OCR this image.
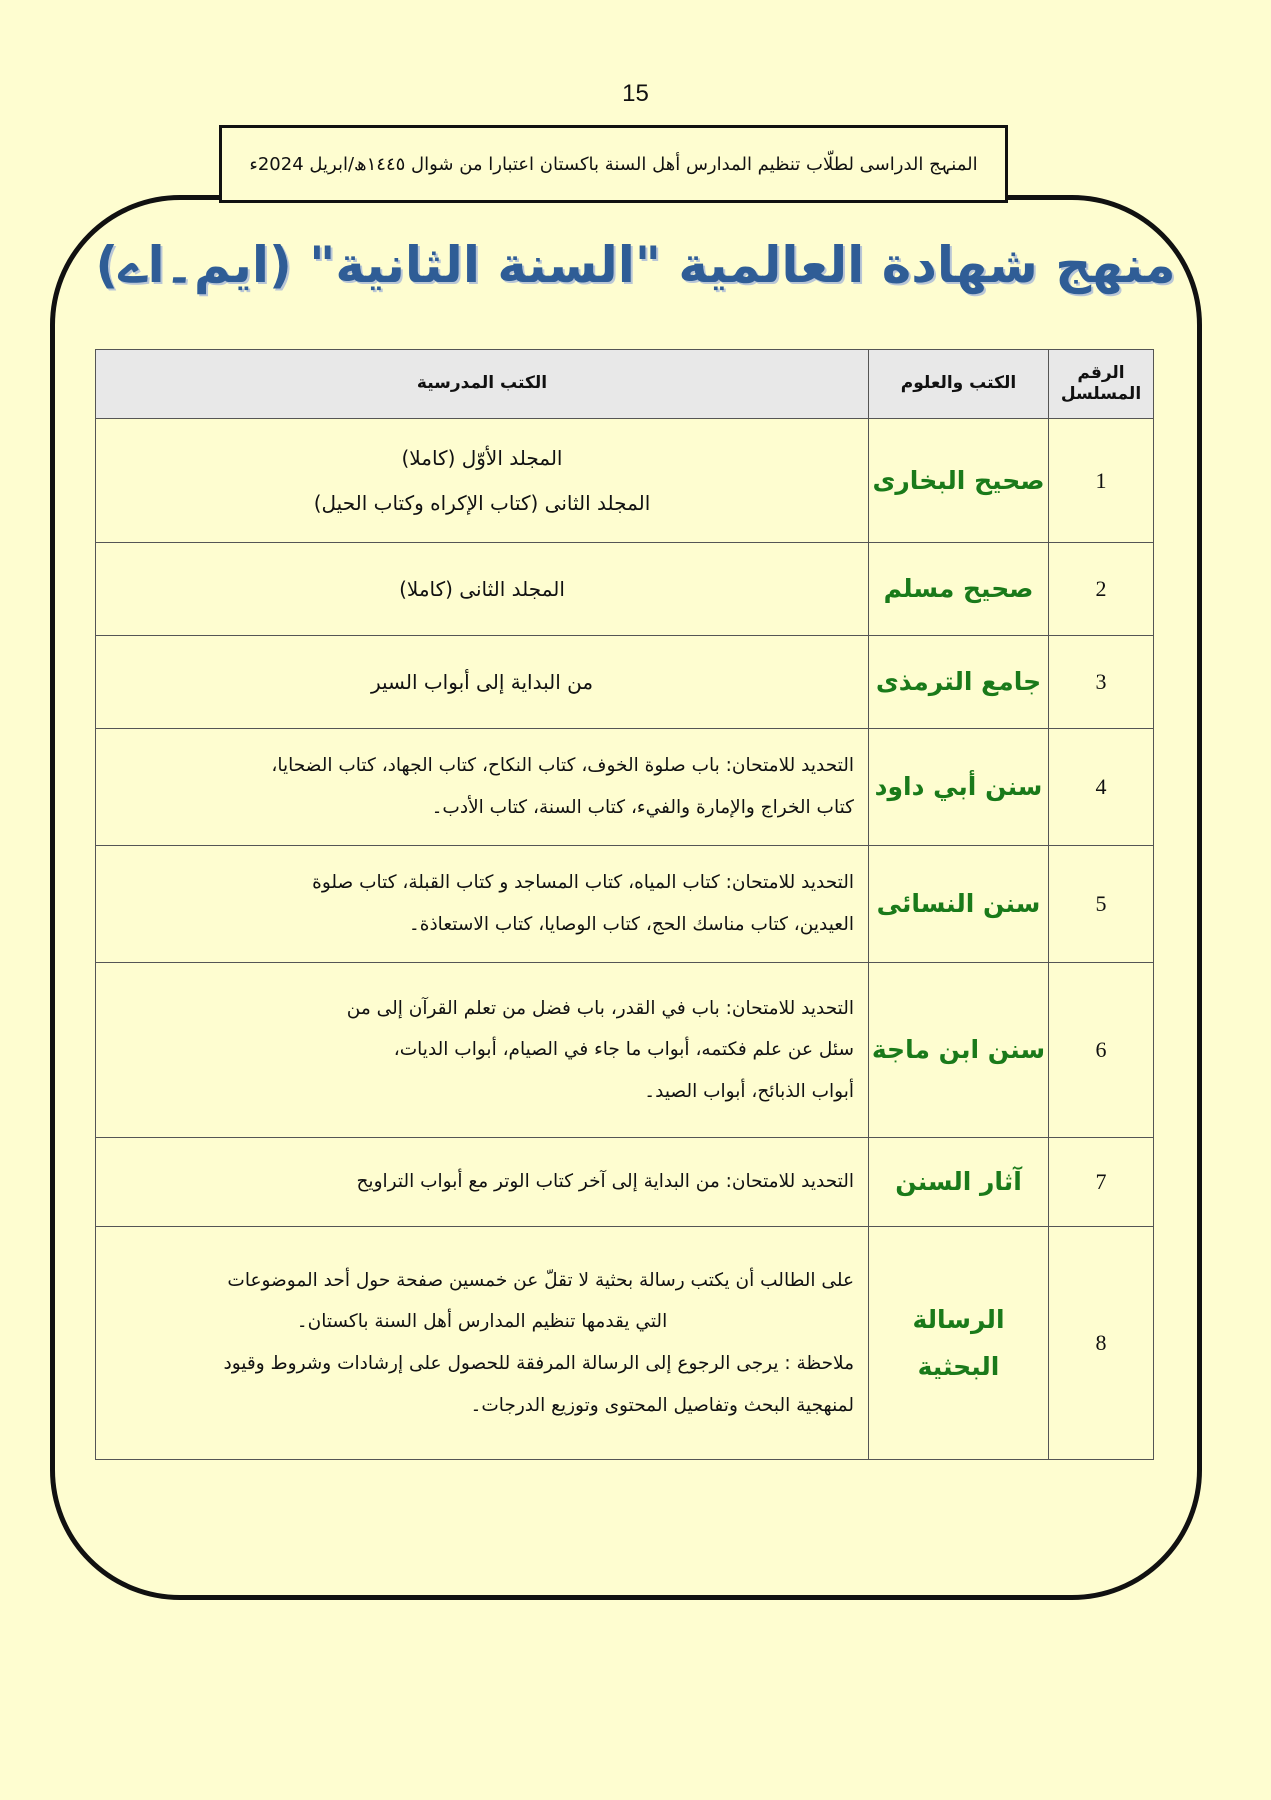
15
المنہج الدراسی لطلّاب تنظیم المدارس أهل السنة باکستان اعتبارا من شوال ١٤٤٥ھ/ابریل 2024ء
منهج شهادة العالمية "السنة الثانية" (ایم۔اے)
الرقم المسلسل	الكتب والعلوم	الكتب المدرسية
1	صحيح البخارى	المجلد الأوّل (كاملا)
المجلد الثانى (كتاب الإكراه وكتاب الحيل)

2	صحيح مسلم	المجلد الثانى (كاملا)

3	جامع الترمذى	من البداية إلى أبواب السير

4	سنن أبي داود	التحديد للامتحان: باب صلوة الخوف، كتاب النكاح، كتاب الجهاد، كتاب الضحايا،
كتاب الخراج والإمارة والفيء، كتاب السنة، كتاب الأدب۔

5	سنن النسائى	التحديد للامتحان: كتاب المياه، كتاب المساجد و كتاب القبلة، كتاب صلوة
العيدين، كتاب مناسك الحج، كتاب الوصايا، كتاب الاستعاذة۔

6	سنن ابن ماجة	التحديد للامتحان: باب في القدر، باب فضل من تعلم القرآن إلى من
سئل عن علم فكتمه، أبواب ما جاء في الصيام، أبواب الديات،
أبواب الذبائح، أبواب الصيد۔

7	آثار السنن	التحديد للامتحان: من البداية إلى آخر كتاب الوتر مع أبواب التراويح

8	الرسالة البحثية	على الطالب أن يكتب رسالة بحثية لا تقلّ عن خمسين صفحة حول أحد الموضوعات
التي يقدمها تنظيم المدارس أهل السنة باكستان۔
ملاحظة : يرجى الرجوع إلى الرسالة المرفقة للحصول على إرشادات وشروط وقيود
لمنهجية البحث وتفاصيل المحتوى وتوزيع الدرجات۔
